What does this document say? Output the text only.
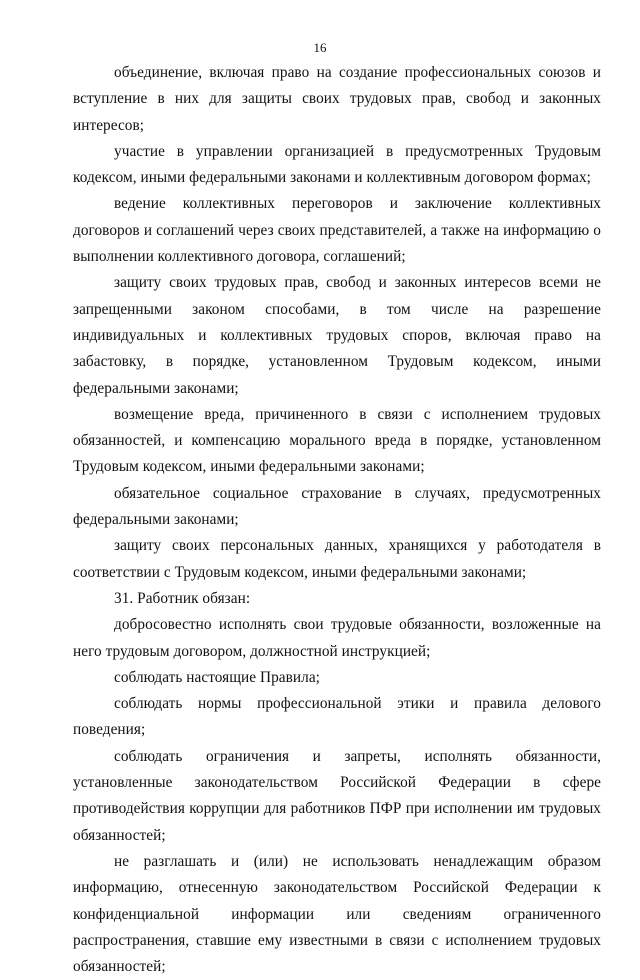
16

объединение, включая право на создание профессиональных союзов и вступление в них для защиты своих трудовых прав, свобод и законных интересов;

участие в управлении организацией в предусмотренных Трудовым кодексом, иными федеральными законами и коллективным договором формах;

ведение коллективных переговоров и заключение коллективных договоров и соглашений через своих представителей, а также на информацию о выполнении коллективного договора, соглашений;

защиту своих трудовых прав, свобод и законных интересов всеми не запрещенными законом способами, в том числе на разрешение индивидуальных и коллективных трудовых споров, включая право на забастовку, в порядке, установленном Трудовым кодексом, иными федеральными законами;

возмещение вреда, причиненного в связи с исполнением трудовых обязанностей, и компенсацию морального вреда в порядке, установленном Трудовым кодексом, иными федеральными законами;

обязательное социальное страхование в случаях, предусмотренных федеральными законами;

защиту своих персональных данных, хранящихся у работодателя в соответствии с Трудовым кодексом, иными федеральными законами;

31. Работник обязан:

добросовестно исполнять свои трудовые обязанности, возложенные на него трудовым договором, должностной инструкцией;

соблюдать настоящие Правила;

соблюдать нормы профессиональной этики и правила делового поведения;

соблюдать ограничения и запреты, исполнять обязанности, установленные законодательством Российской Федерации в сфере противодействия коррупции для работников ПФР при исполнении им трудовых обязанностей;

не разглашать и (или) не использовать ненадлежащим образом информацию, отнесенную законодательством Российской Федерации к конфиденциальной информации или сведениям ограниченного распространения, ставшие ему известными в связи с исполнением трудовых обязанностей;
